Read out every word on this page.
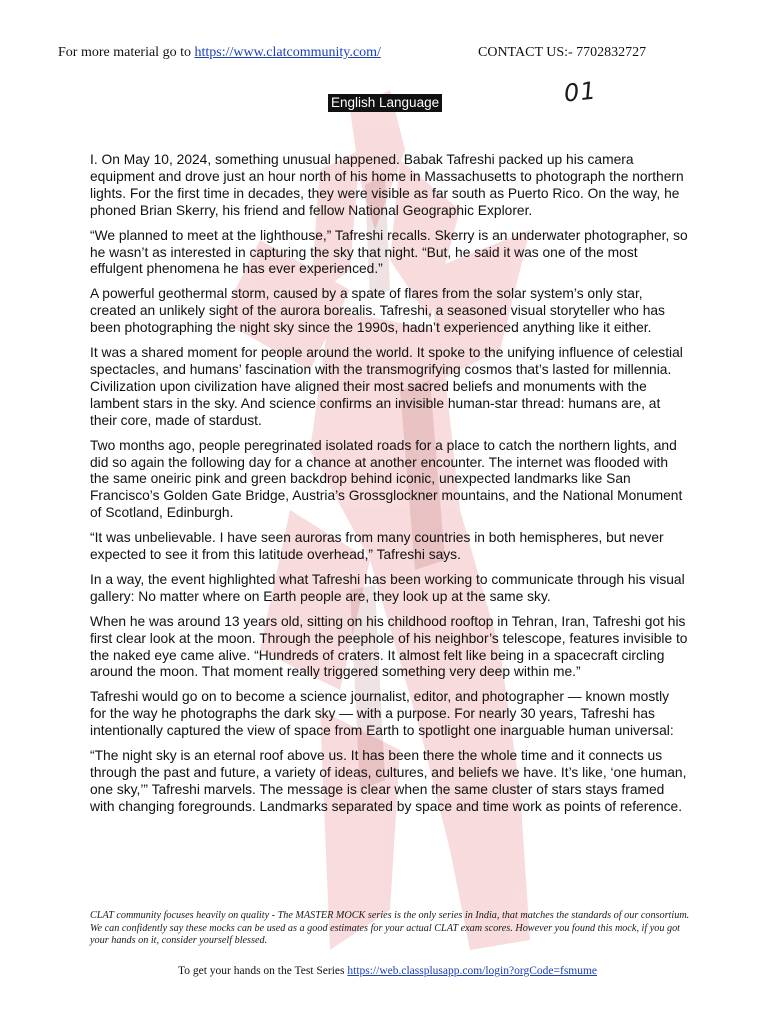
For more material go to https://www.clatcommunity.com/	CONTACT US:- 7702832727
01
English Language

I. On May 10, 2024, something unusual happened. Babak Tafreshi packed up his camera equipment and drove just an hour north of his home in Massachusetts to photograph the northern lights. For the first time in decades, they were visible as far south as Puerto Rico. On the way, he phoned Brian Skerry, his friend and fellow National Geographic Explorer.

“We planned to meet at the lighthouse,” Tafreshi recalls. Skerry is an underwater photographer, so he wasn’t as interested in capturing the sky that night. “But, he said it was one of the most effulgent phenomena he has ever experienced.”

A powerful geothermal storm, caused by a spate of flares from the solar system’s only star, created an unlikely sight of the aurora borealis. Tafreshi, a seasoned visual storyteller who has been photographing the night sky since the 1990s, hadn’t experienced anything like it either.

It was a shared moment for people around the world. It spoke to the unifying influence of celestial spectacles, and humans’ fascination with the transmogrifying cosmos that’s lasted for millennia. Civilization upon civilization have aligned their most sacred beliefs and monuments with the lambent stars in the sky. And science confirms an invisible human-star thread: humans are, at their core, made of stardust.

Two months ago, people peregrinated isolated roads for a place to catch the northern lights, and did so again the following day for a chance at another encounter. The internet was flooded with the same oneiric pink and green backdrop behind iconic, unexpected landmarks like San Francisco’s Golden Gate Bridge, Austria’s Grossglockner mountains, and the National Monument of Scotland, Edinburgh.

“It was unbelievable. I have seen auroras from many countries in both hemispheres, but never expected to see it from this latitude overhead,” Tafreshi says.

In a way, the event highlighted what Tafreshi has been working to communicate through his visual gallery: No matter where on Earth people are, they look up at the same sky.

When he was around 13 years old, sitting on his childhood rooftop in Tehran, Iran, Tafreshi got his first clear look at the moon. Through the peephole of his neighbor’s telescope, features invisible to the naked eye came alive. “Hundreds of craters. It almost felt like being in a spacecraft circling around the moon. That moment really triggered something very deep within me.”

Tafreshi would go on to become a science journalist, editor, and photographer — known mostly for the way he photographs the dark sky — with a purpose. For nearly 30 years, Tafreshi has intentionally captured the view of space from Earth to spotlight one inarguable human universal:

“The night sky is an eternal roof above us. It has been there the whole time and it connects us through the past and future, a variety of ideas, cultures, and beliefs we have. It’s like, ‘one human, one sky,’” Tafreshi marvels. The message is clear when the same cluster of stars stays framed with changing foregrounds. Landmarks separated by space and time work as points of reference.

CLAT community focuses heavily on quality - The MASTER MOCK series is the only series in India, that matches the standards of our consortium. We can confidently say these mocks can be used as a good estimates for your actual CLAT exam scores. However you found this mock, if you got your hands on it, consider yourself blessed.
To get your hands on the Test Series https://web.classplusapp.com/login?orgCode=fsmume
